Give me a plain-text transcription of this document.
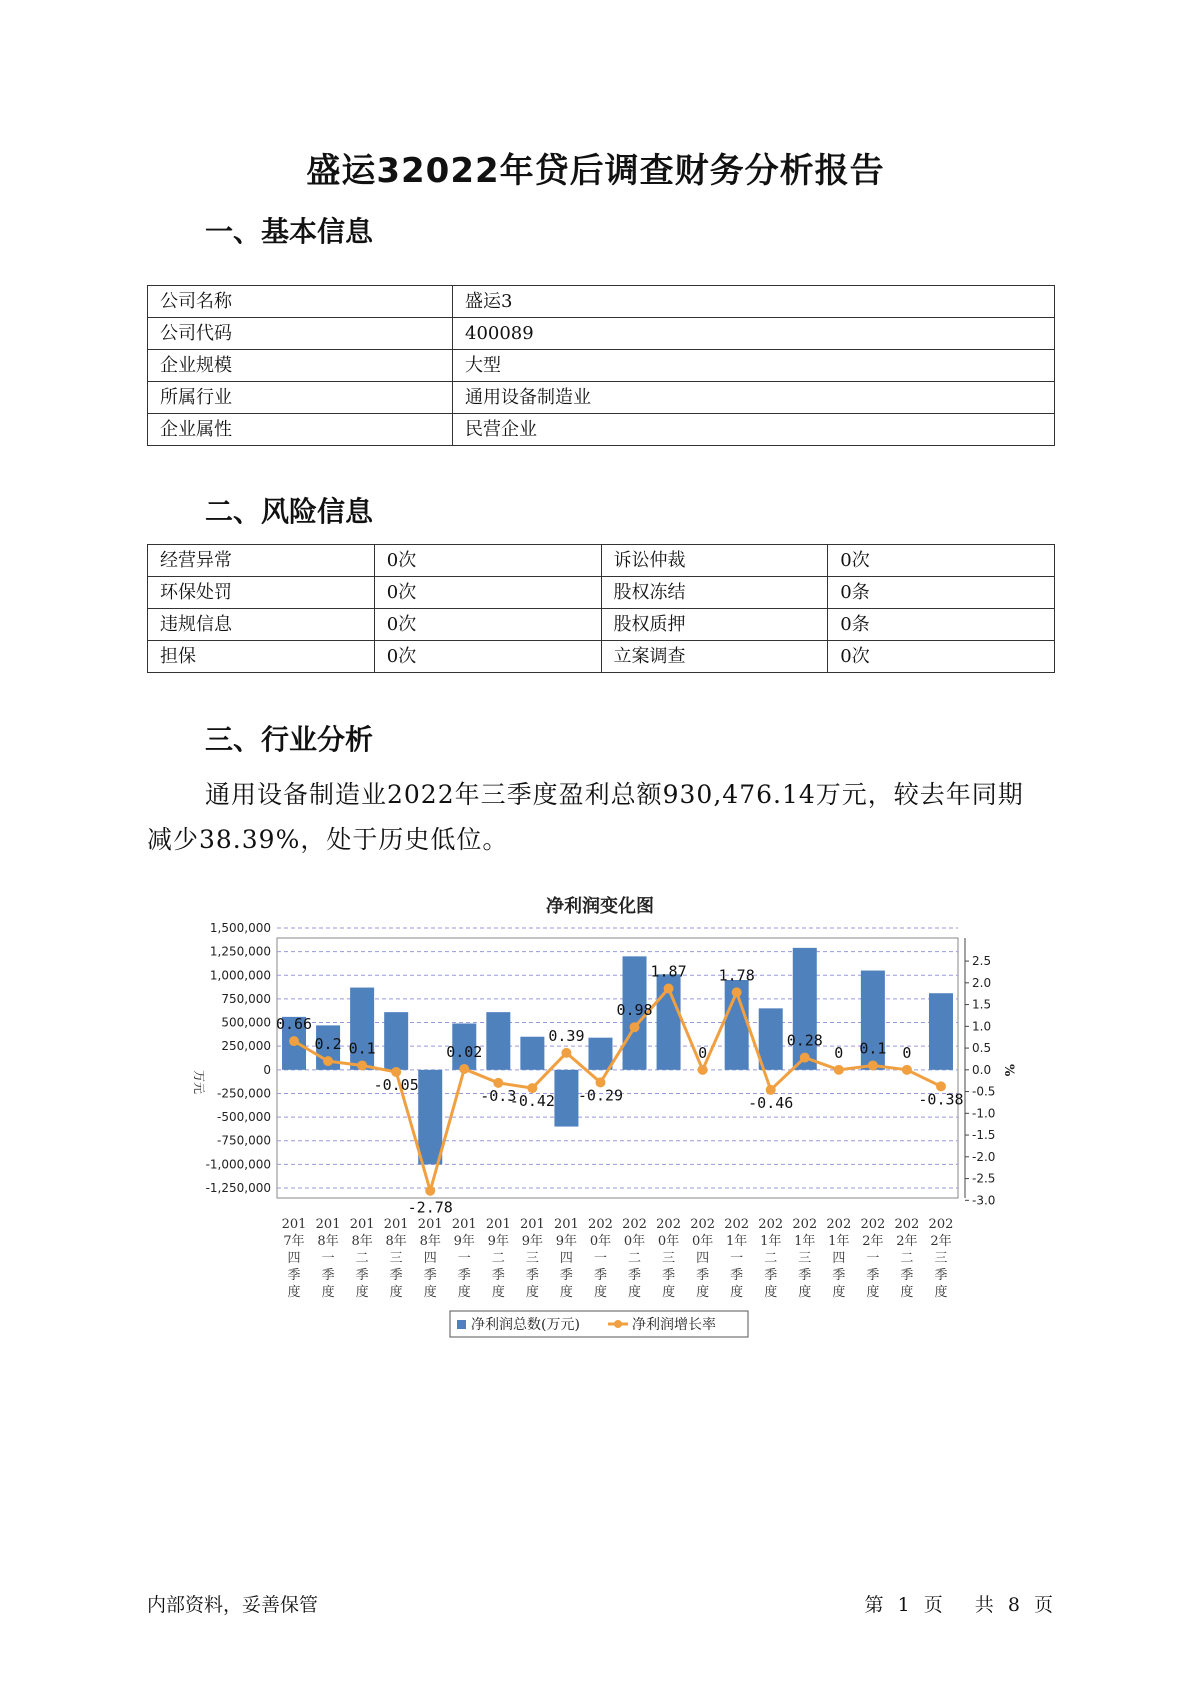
盛运32022年贷后调查财务分析报告
一、基本信息
公司名称	盛运3
公司代码	400089
企业规模	大型
所属行业	通用设备制造业
企业属性	民营企业
二、风险信息
经营异常	0次	诉讼仲裁	0次
环保处罚	0次	股权冻结	0条
违规信息	0次	股权质押	0条
担保	0次	立案调查	0次
三、行业分析
通用设备制造业2022年三季度盈利总额930,476.14万元，较去年同期减少38.39%，处于历史低位。
净利润变化图
1,500,000
1,250,000
1,000,000
750,000
500,000
250,000
0
-250,000
-500,000
-750,000
-1,000,000
-1,250,000
2.5
2.0
1.5
1.0
0.5
0.0
-0.5
-1.0
-1.5
-2.0
-2.5
-3.0
万元	%
0.66
0.2 0.1
-0.05
-2.78
0.02
-0.3
-0.42
0.39
-0.29
0.98
1.87
0
1.78
-0.46
0.28
0 0.1 0
-0.38
201 7年四季度
201 8年一季度
201 8年二季度
201 8年三季度
201 8年四季度
201 9年一季度
201 9年二季度
201 9年三季度
201 9年四季度
202 0年一季度
202 0年二季度
202 0年三季度
202 0年四季度
202 1年一季度
202 1年二季度
202 1年三季度
202 1年四季度
202 2年一季度
202 2年二季度
202 2年三季度
净利润总数(万元)	净利润增长率
内部资料，妥善保管	第 1 页 共 8 页
